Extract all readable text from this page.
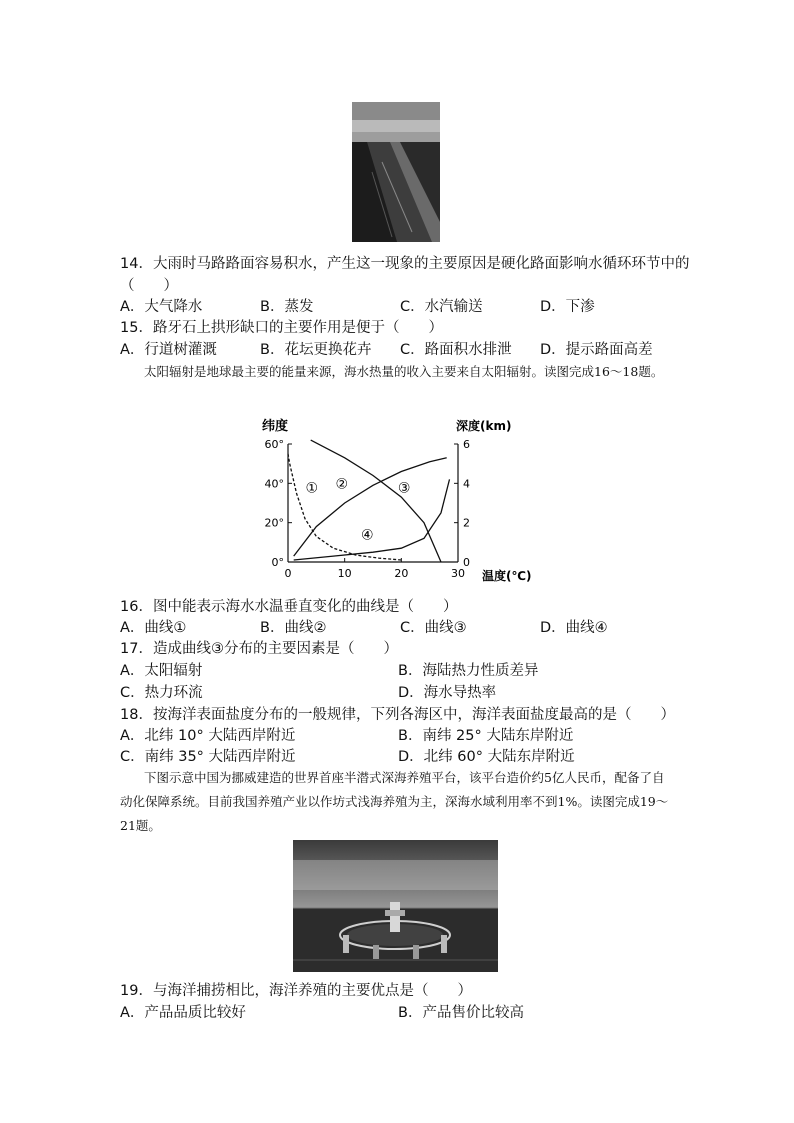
14．大雨时马路路面容易积水，产生这一现象的主要原因是硬化路面影响水循环环节中的
（　　）
A．大气降水	B．蒸发	C．水汽输送	D．下渗
15．路牙石上拱形缺口的主要作用是便于（　　）
A．行道树灌溉	B．花坛更换花卉 C．路面积水排泄 D．提示路面高差
太阳辐射是地球最主要的能量来源，海水热量的收入主要来自太阳辐射。读图完成16～18题。
纬度	深度(km)
温度(℃)
0°
20°
40°
60°
0
2
4
6
0	10	20	30
① ②	③
④
16．图中能表示海水水温垂直变化的曲线是（　　）
A．曲线①	B．曲线②	C．曲线③	D．曲线④
17．造成曲线③分布的主要因素是（　　）
A．太阳辐射	B．海陆热力性质差异
C．热力环流	D．海水导热率
18．按海洋表面盐度分布的一般规律，下列各海区中，海洋表面盐度最高的是（　　）
A．北纬 10° 大陆西岸附近	B．南纬 25° 大陆东岸附近
C．南纬 35° 大陆西岸附近	D．北纬 60° 大陆东岸附近
下图示意中国为挪威建造的世界首座半潜式深海养殖平台，该平台造价约5亿人民币，配备了自动化保障系统。目前我国养殖产业以作坊式浅海养殖为主，深海水域利用率不到1%。读图完成19～21题。
19．与海洋捕捞相比，海洋养殖的主要优点是（　　）
A．产品品质比较好	B．产品售价比较高
